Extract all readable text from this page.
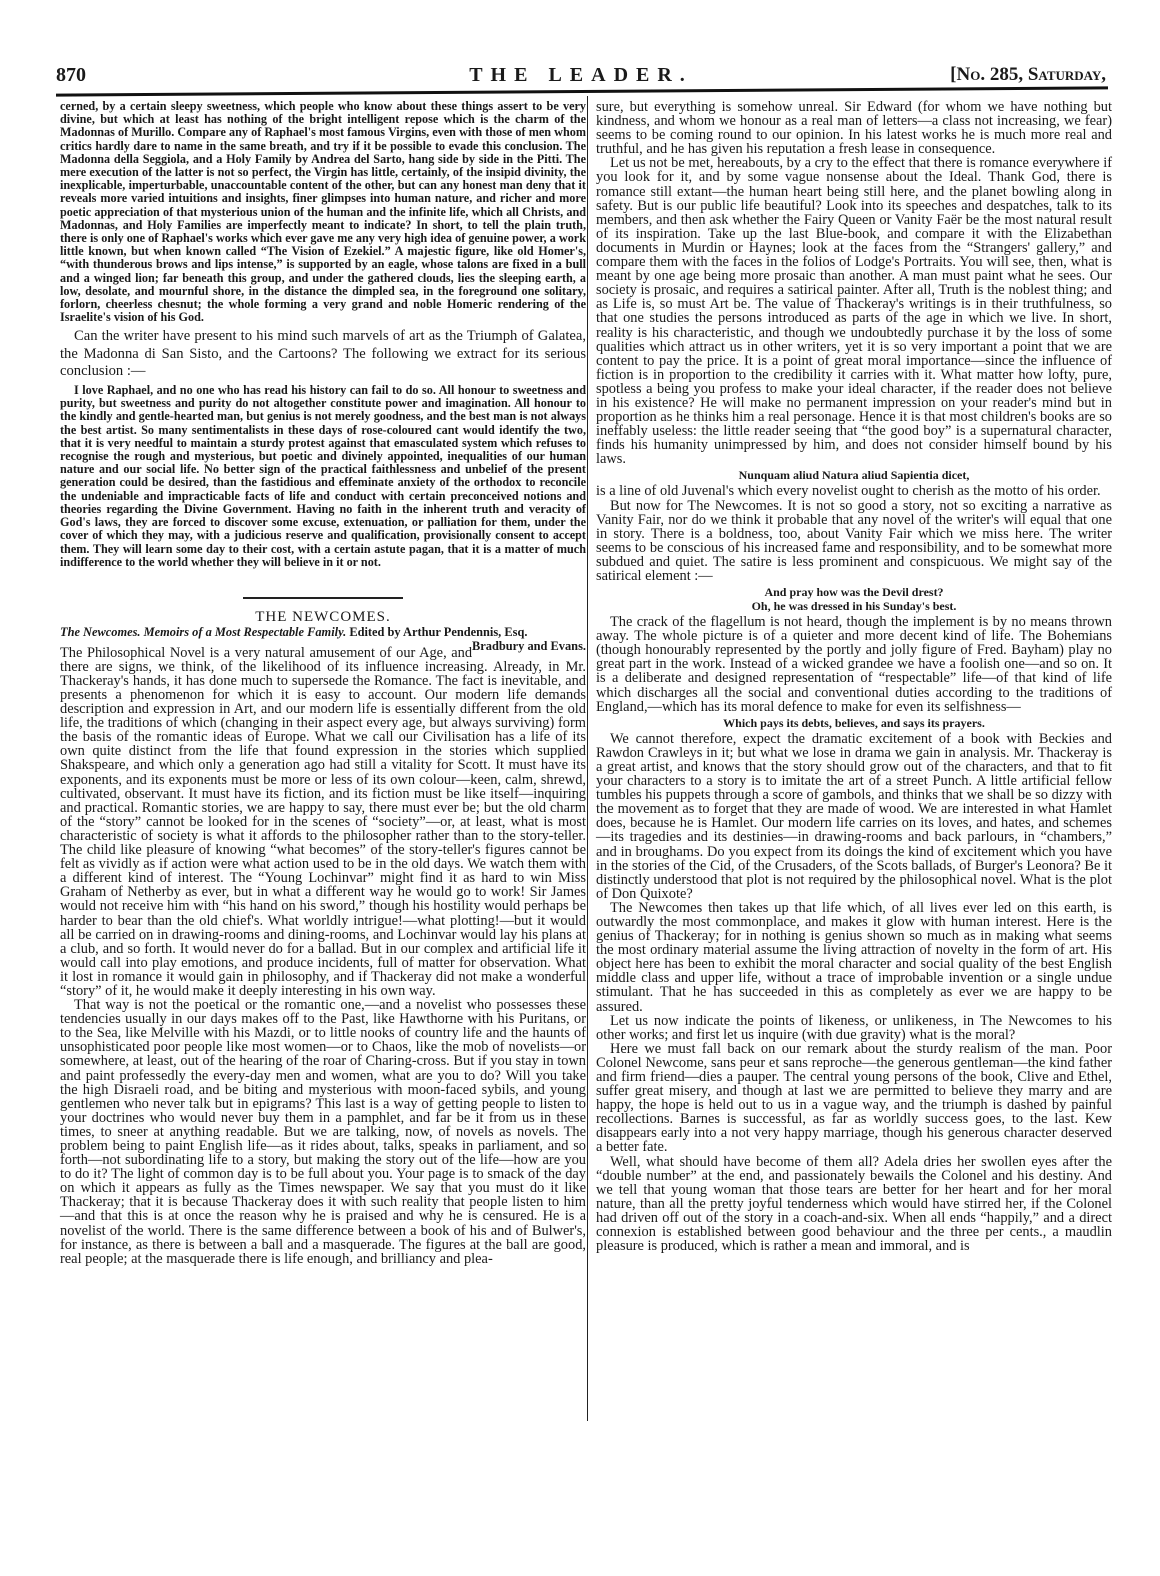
870	THE LEADER.	[No. 285, Saturday,

cerned, by a certain sleepy sweetness, which people who know about these things assert to be very divine, but which at least has nothing of the bright intelligent repose which is the charm of the Madonnas of Murillo. Compare any of Raphael's most famous Virgins, even with those of men whom critics hardly dare to name in the same breath, and try if it be possible to evade this conclusion. The Madonna della Seggiola, and a Holy Family by Andrea del Sarto, hang side by side in the Pitti. The mere execution of the latter is not so perfect, the Virgin has little, certainly, of the insipid divinity, the inexplicable, imperturbable, unaccountable content of the other, but can any honest man deny that it reveals more varied intuitions and insights, finer glimpses into human nature, and richer and more poetic appreciation of that mysterious union of the human and the infinite life, which all Christs, and Madonnas, and Holy Families are imperfectly meant to indicate? In short, to tell the plain truth, there is only one of Raphael's works which ever gave me any very high idea of genuine power, a work little known, but when known called “The Vision of Ezekiel.” A majestic figure, like old Homer's, “with thunderous brows and lips intense,” is supported by an eagle, whose talons are fixed in a bull and a winged lion; far beneath this group, and under the gathered clouds, lies the sleeping earth, a low, desolate, and mournful shore, in the distance the dimpled sea, in the foreground one solitary, forlorn, cheerless chesnut; the whole forming a very grand and noble Homeric rendering of the Israelite's vision of his God.

Can the writer have present to his mind such marvels of art as the Triumph of Galatea, the Madonna di San Sisto, and the Cartoons? The following we extract for its serious conclusion :—

I love Raphael, and no one who has read his history can fail to do so. All honour to sweetness and purity, but sweetness and purity do not altogether constitute power and imagination. All honour to the kindly and gentle-hearted man, but genius is not merely goodness, and the best man is not always the best artist. So many sentimentalists in these days of rose-coloured cant would identify the two, that it is very needful to maintain a sturdy protest against that emasculated system which refuses to recognise the rough and mysterious, but poetic and divinely appointed, inequalities of our human nature and our social life. No better sign of the practical faithlessness and unbelief of the present generation could be desired, than the fastidious and effeminate anxiety of the orthodox to reconcile the undeniable and impracticable facts of life and conduct with certain preconceived notions and theories regarding the Divine Government. Having no faith in the inherent truth and veracity of God's laws, they are forced to discover some excuse, extenuation, or palliation for them, under the cover of which they may, with a judicious reserve and qualification, provisionally consent to accept them. They will learn some day to their cost, with a certain astute pagan, that it is a matter of much indifference to the world whether they will believe in it or not.

THE NEWCOMES.
The Newcomes. Memoirs of a Most Respectable Family. Edited by Arthur Pendennis, Esq.
Bradbury and Evans.

The Philosophical Novel is a very natural amusement of our Age, and there are signs, we think, of the likelihood of its influence increasing. Already, in Mr. Thackeray's hands, it has done much to supersede the Romance. The fact is inevitable, and presents a phenomenon for which it is easy to account. Our modern life demands description and expression in Art, and our modern life is essentially different from the old life, the traditions of which (changing in their aspect every age, but always surviving) form the basis of the romantic ideas of Europe. What we call our Civilisation has a life of its own quite distinct from the life that found expression in the stories which supplied Shakspeare, and which only a generation ago had still a vitality for Scott. It must have its exponents, and its exponents must be more or less of its own colour—keen, calm, shrewd, cultivated, observant. It must have its fiction, and its fiction must be like itself—inquiring and practical. Romantic stories, we are happy to say, there must ever be; but the old charm of the “story” cannot be looked for in the scenes of “society”—or, at least, what is most characteristic of society is what it affords to the philosopher rather than to the story-teller. The child like pleasure of knowing “what becomes” of the story-teller's figures cannot be felt as vividly as if action were what action used to be in the old days. We watch them with a different kind of interest. The “Young Lochinvar” might find it as hard to win Miss Graham of Netherby as ever, but in what a different way he would go to work! Sir James would not receive him with “his hand on his sword,” though his hostility would perhaps be harder to bear than the old chief's. What worldly intrigue!—what plotting!—but it would all be carried on in drawing-rooms and dining-rooms, and Lochinvar would lay his plans at a club, and so forth. It would never do for a ballad. But in our complex and artificial life it would call into play emotions, and produce incidents, full of matter for observation. What it lost in romance it would gain in philosophy, and if Thackeray did not make a wonderful “story” of it, he would make it deeply interesting in his own way.

That way is not the poetical or the romantic one,—and a novelist who possesses these tendencies usually in our days makes off to the Past, like Hawthorne with his Puritans, or to the Sea, like Melville with his Mazdi, or to little nooks of country life and the haunts of unsophisticated poor people like most women—or to Chaos, like the mob of novelists—or somewhere, at least, out of the hearing of the roar of Charing-cross. But if you stay in town and paint professedly the every-day men and women, what are you to do? Will you take the high Disraeli road, and be biting and mysterious with moon-faced sybils, and young gentlemen who never talk but in epigrams? This last is a way of getting people to listen to your doctrines who would never buy them in a pamphlet, and far be it from us in these times, to sneer at anything readable. But we are talking, now, of novels as novels. The problem being to paint English life—as it rides about, talks, speaks in parliament, and so forth—not subordinating life to a story, but making the story out of the life—how are you to do it? The light of common day is to be full about you. Your page is to smack of the day on which it appears as fully as the Times newspaper. We say that you must do it like Thackeray; that it is because Thackeray does it with such reality that people listen to him—and that this is at once the reason why he is praised and why he is censured. He is a novelist of the world. There is the same difference between a book of his and of Bulwer's, for instance, as there is between a ball and a masquerade. The figures at the ball are good, real people; at the masquerade there is life enough, and brilliancy and plea-

sure, but everything is somehow unreal. Sir Edward (for whom we have nothing but kindness, and whom we honour as a real man of letters—a class not increasing, we fear) seems to be coming round to our opinion. In his latest works he is much more real and truthful, and he has given his reputation a fresh lease in consequence.

Let us not be met, hereabouts, by a cry to the effect that there is romance everywhere if you look for it, and by some vague nonsense about the Ideal. Thank God, there is romance still extant—the human heart being still here, and the planet bowling along in safety. But is our public life beautiful? Look into its speeches and despatches, talk to its members, and then ask whether the Fairy Queen or Vanity Faër be the most natural result of its inspiration. Take up the last Blue-book, and compare it with the Elizabethan documents in Murdin or Haynes; look at the faces from the “Strangers' gallery,” and compare them with the faces in the folios of Lodge's Portraits. You will see, then, what is meant by one age being more prosaic than another. A man must paint what he sees. Our society is prosaic, and requires a satirical painter. After all, Truth is the noblest thing; and as Life is, so must Art be. The value of Thackeray's writings is in their truthfulness, so that one studies the persons introduced as parts of the age in which we live. In short, reality is his characteristic, and though we undoubtedly purchase it by the loss of some qualities which attract us in other writers, yet it is so very important a point that we are content to pay the price. It is a point of great moral importance—since the influence of fiction is in proportion to the credibility it carries with it. What matter how lofty, pure, spotless a being you profess to make your ideal character, if the reader does not believe in his existence? He will make no permanent impression on your reader's mind but in proportion as he thinks him a real personage. Hence it is that most children's books are so ineffably useless: the little reader seeing that “the good boy” is a supernatural character, finds his humanity unimpressed by him, and does not consider himself bound by his laws.

Nunquam aliud Natura aliud Sapientia dicet,

is a line of old Juvenal's which every novelist ought to cherish as the motto of his order.

But now for The Newcomes. It is not so good a story, not so exciting a narrative as Vanity Fair, nor do we think it probable that any novel of the writer's will equal that one in story. There is a boldness, too, about Vanity Fair which we miss here. The writer seems to be conscious of his increased fame and responsibility, and to be somewhat more subdued and quiet. The satire is less prominent and conspicuous. We might say of the satirical element :—

And pray how was the Devil drest?

Oh, he was dressed in his Sunday's best.

The crack of the flagellum is not heard, though the implement is by no means thrown away. The whole picture is of a quieter and more decent kind of life. The Bohemians (though honourably represented by the portly and jolly figure of Fred. Bayham) play no great part in the work. Instead of a wicked grandee we have a foolish one—and so on. It is a deliberate and designed representation of “respectable” life—of that kind of life which discharges all the social and conventional duties according to the traditions of England,—which has its moral defence to make for even its selfishness—

Which pays its debts, believes, and says its prayers.

We cannot therefore, expect the dramatic excitement of a book with Beckies and Rawdon Crawleys in it; but what we lose in drama we gain in analysis. Mr. Thackeray is a great artist, and knows that the story should grow out of the characters, and that to fit your characters to a story is to imitate the art of a street Punch. A little artificial fellow tumbles his puppets through a score of gambols, and thinks that we shall be so dizzy with the movement as to forget that they are made of wood. We are interested in what Hamlet does, because he is Hamlet. Our modern life carries on its loves, and hates, and schemes—its tragedies and its destinies—in drawing-rooms and back parlours, in “chambers,” and in broughams. Do you expect from its doings the kind of excitement which you have in the stories of the Cid, of the Crusaders, of the Scots ballads, of Burger's Leonora? Be it distinctly understood that plot is not required by the philosophical novel. What is the plot of Don Quixote?

The Newcomes then takes up that life which, of all lives ever led on this earth, is outwardly the most commonplace, and makes it glow with human interest. Here is the genius of Thackeray; for in nothing is genius shown so much as in making what seems the most ordinary material assume the living attraction of novelty in the form of art. His object here has been to exhibit the moral character and social quality of the best English middle class and upper life, without a trace of improbable invention or a single undue stimulant. That he has succeeded in this as completely as ever we are happy to be assured.

Let us now indicate the points of likeness, or unlikeness, in The Newcomes to his other works; and first let us inquire (with due gravity) what is the moral?

Here we must fall back on our remark about the sturdy realism of the man. Poor Colonel Newcome, sans peur et sans reproche—the generous gentleman—the kind father and firm friend—dies a pauper. The central young persons of the book, Clive and Ethel, suffer great misery, and though at last we are permitted to believe they marry and are happy, the hope is held out to us in a vague way, and the triumph is dashed by painful recollections. Barnes is successful, as far as worldly success goes, to the last. Kew disappears early into a not very happy marriage, though his generous character deserved a better fate.

Well, what should have become of them all? Adela dries her swollen eyes after the “double number” at the end, and passionately bewails the Colonel and his destiny. And we tell that young woman that those tears are better for her heart and for her moral nature, than all the pretty joyful tenderness which would have stirred her, if the Colonel had driven off out of the story in a coach-and-six. When all ends “happily,” and a direct connexion is established between good behaviour and the three per cents., a maudlin pleasure is produced, which is rather a mean and immoral, and is
